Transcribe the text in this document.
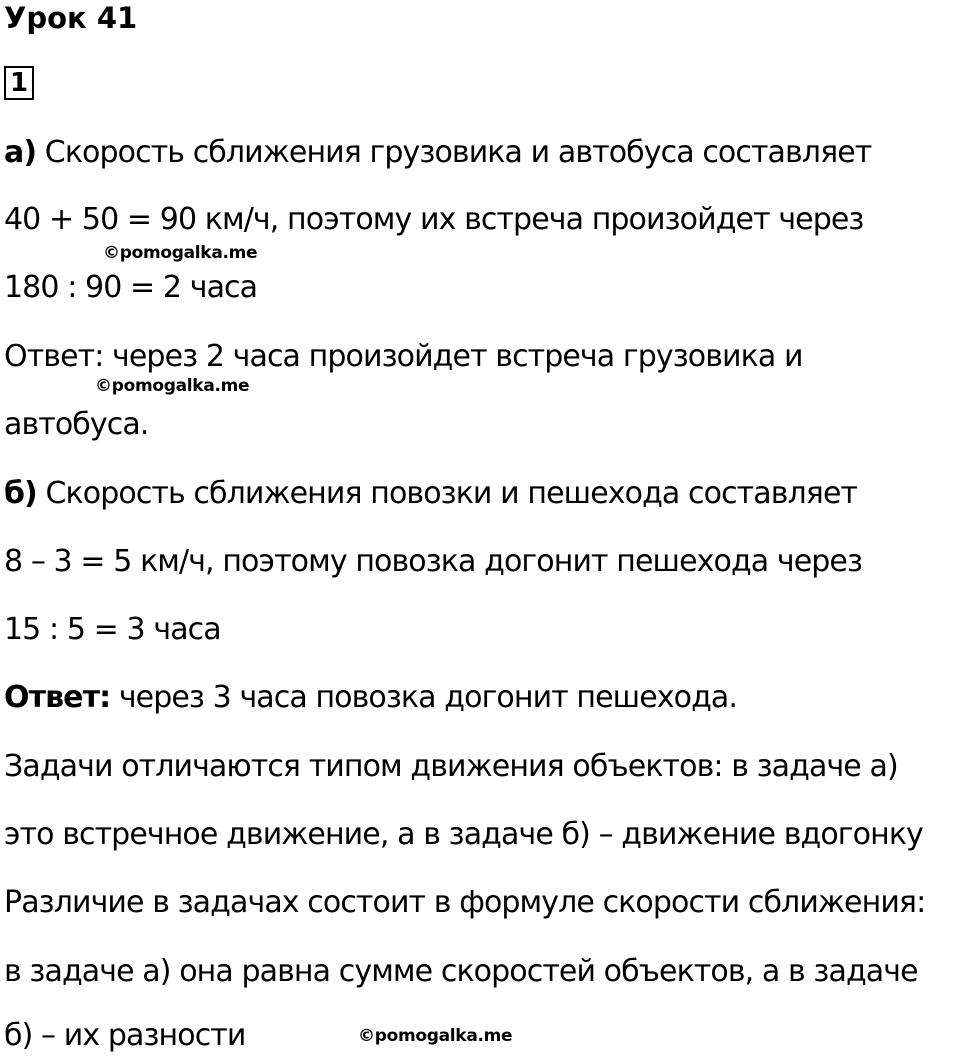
Урок 41
1
а) Скорость сближения грузовика и автобуса составляет
40 + 50 = 90 км/ч, поэтому их встреча произойдет через
©pomogalka.me
180 : 90 = 2 часа
Ответ: через 2 часа произойдет встреча грузовика и
©pomogalka.me
автобуса.
б) Скорость сближения повозки и пешехода составляет
8 – 3 = 5 км/ч, поэтому повозка догонит пешехода через
15 : 5 = 3 часа
Ответ: через 3 часа повозка догонит пешехода.
Задачи отличаются типом движения объектов: в задаче а)
это встречное движение, а в задаче б) – движение вдогонку
Различие в задачах состоит в формуле скорости сближения:
в задаче а) она равна сумме скоростей объектов, а в задаче
б) – их разности	©pomogalka.me
